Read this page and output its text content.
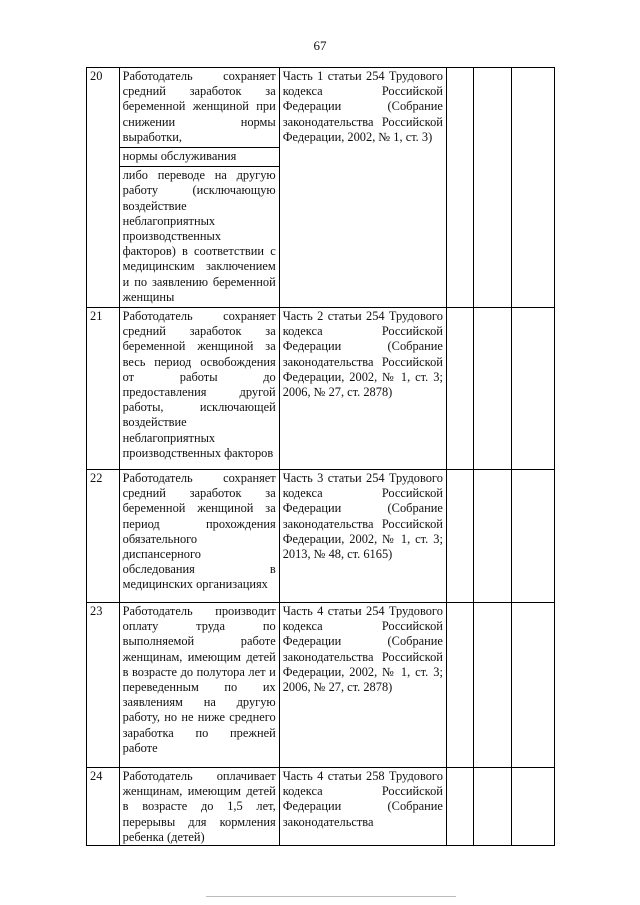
67
20	Работодатель сохраняет средний заработок за беременной женщиной при снижении нормы выработки,
нормы обслуживания
либо переводе на другую работу (исключающую воздействие неблагоприятных производственных факторов) в соответствии с медицинским заключением и по заявлению беременной женщины	Часть 1 статьи 254 Трудового кодекса Российской Федерации (Собрание законодательства Российской Федерации, 2002, № 1, ст. 3)			

21	Работодатель сохраняет средний заработок за беременной женщиной за весь период освобождения от работы до предоставления другой работы, исключающей воздействие неблагоприятных производственных факторов	Часть 2 статьи 254 Трудового кодекса Российской Федерации (Собрание законодательства Российской Федерации, 2002, № 1, ст. 3; 2006, № 27, ст. 2878)			

22	Работодатель сохраняет средний заработок за беременной женщиной за период прохождения обязательного диспансерного обследования в медицинских организациях	Часть 3 статьи 254 Трудового кодекса Российской Федерации (Собрание законодательства Российской Федерации, 2002, № 1, ст. 3; 2013, № 48, ст. 6165)			

23	Работодатель производит оплату труда по выполняемой работе женщинам, имеющим детей в возрасте до полутора лет и переведенным по их заявлениям на другую работу, но не ниже среднего заработка по прежней работе	Часть 4 статьи 254 Трудового кодекса Российской Федерации (Собрание законодательства Российской Федерации, 2002, № 1, ст. 3; 2006, № 27, ст. 2878)			

24	Работодатель оплачивает женщинам, имеющим детей в возрасте до 1,5 лет, перерывы для кормления ребенка (детей)	Часть 4 статьи 258 Трудового кодекса Российской Федерации (Собрание законодательства			
